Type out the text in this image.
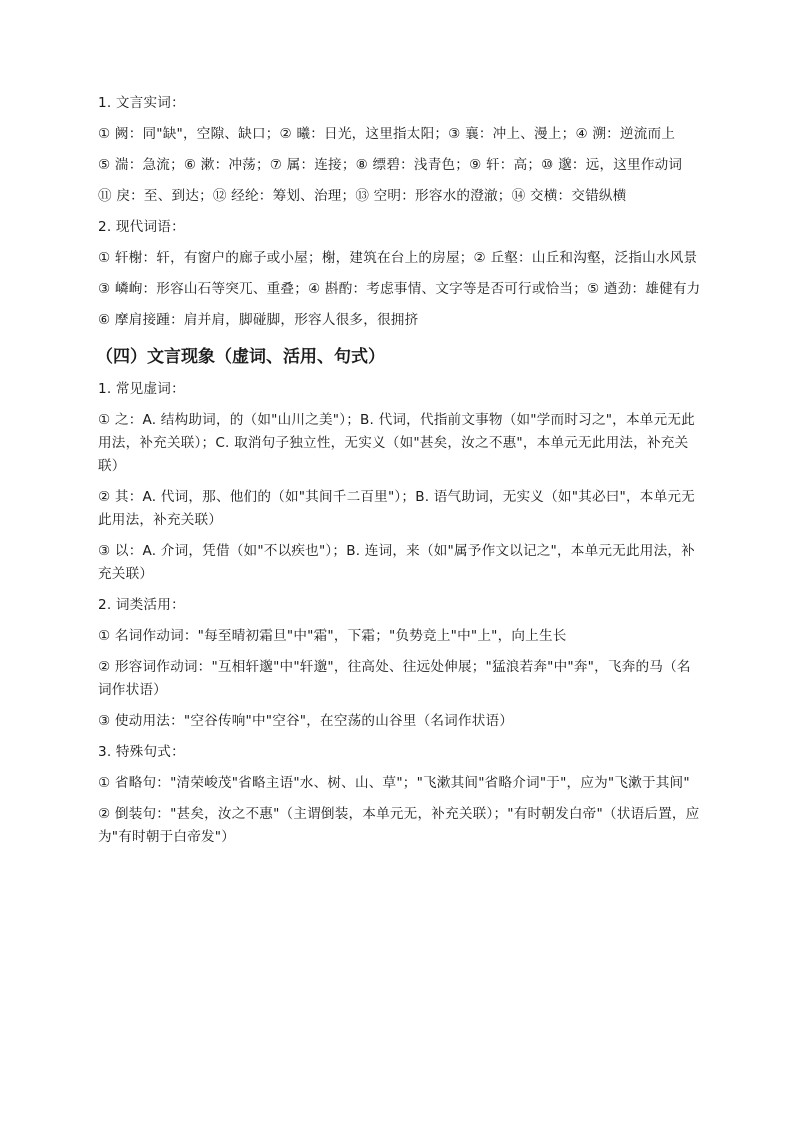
1. 文言实词：

① 阙：同"缺"，空隙、缺口；② 曦：日光，这里指太阳；③ 襄：冲上、漫上；④ 溯：逆流而上

⑤ 湍：急流；⑥ 漱：冲荡；⑦ 属：连接；⑧ 缥碧：浅青色；⑨ 轩：高；⑩ 邈：远，这里作动词

⑪ 戾：至、到达；⑫ 经纶：筹划、治理；⑬ 空明：形容水的澄澈；⑭ 交横：交错纵横

2. 现代词语：

① 轩榭：轩，有窗户的廊子或小屋；榭，建筑在台上的房屋；② 丘壑：山丘和沟壑，泛指山水风景

③ 嶙峋：形容山石等突兀、重叠；④ 斟酌：考虑事情、文字等是否可行或恰当；⑤ 遒劲：雄健有力

⑥ 摩肩接踵：肩并肩，脚碰脚，形容人很多，很拥挤

（四）文言现象（虚词、活用、句式）

1. 常见虚词：

① 之：A. 结构助词，的（如"山川之美"）；B. 代词，代指前文事物（如"学而时习之"，本单元无此用法，补充关联）；C. 取消句子独立性，无实义（如"甚矣，汝之不惠"，本单元无此用法，补充关联）

② 其：A. 代词，那、他们的（如"其间千二百里"）；B. 语气助词，无实义（如"其必曰"，本单元无此用法，补充关联）

③ 以：A. 介词，凭借（如"不以疾也"）；B. 连词，来（如"属予作文以记之"，本单元无此用法，补充关联）

2. 词类活用：

① 名词作动词："每至晴初霜旦"中"霜"，下霜；"负势竞上"中"上"，向上生长

② 形容词作动词："互相轩邈"中"轩邈"，往高处、往远处伸展；"猛浪若奔"中"奔"，飞奔的马（名词作状语）

③ 使动用法："空谷传响"中"空谷"，在空荡的山谷里（名词作状语）

3. 特殊句式：

① 省略句："清荣峻茂"省略主语"水、树、山、草"；"飞漱其间"省略介词"于"，应为"飞漱于其间"

② 倒装句："甚矣，汝之不惠"（主谓倒装，本单元无，补充关联）；"有时朝发白帝"（状语后置，应为"有时朝于白帝发"）
